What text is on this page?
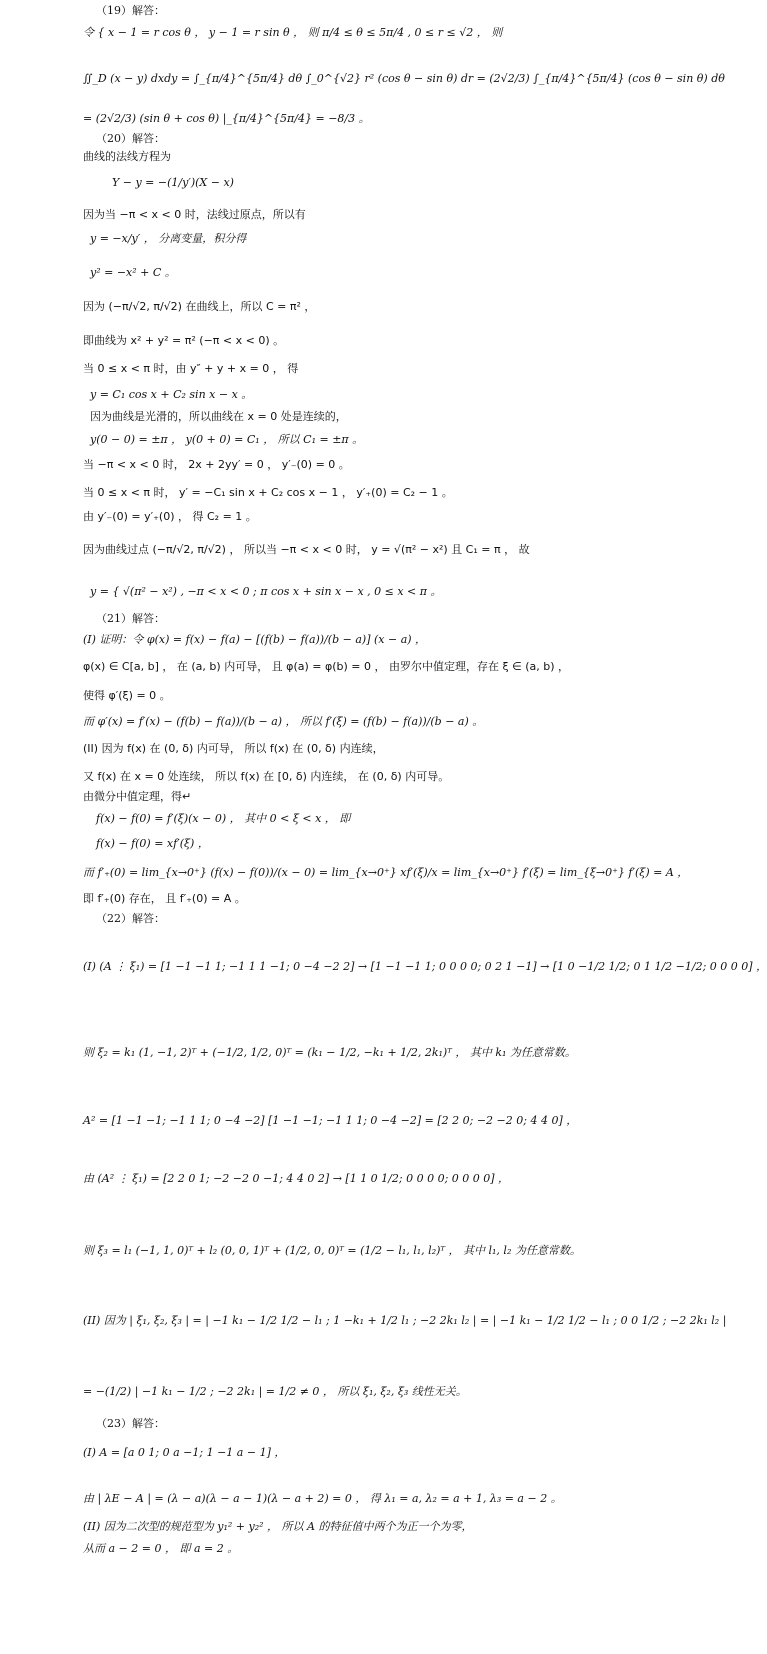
（19）解答：
令 { x − 1 = r cos θ ， y − 1 = r sin θ ， 则 π/4 ≤ θ ≤ 5π/4 , 0 ≤ r ≤ √2 ， 则
∬_D (x − y) dxdy = ∫_{π/4}^{5π/4} dθ ∫_0^{√2} r² (cos θ − sin θ) dr = (2√2/3) ∫_{π/4}^{5π/4} (cos θ − sin θ) dθ
= (2√2/3) (sin θ + cos θ) |_{π/4}^{5π/4} = −8/3 。
（20）解答：
曲线的法线方程为
Y − y = −(1/y′)(X − x)
因为当 −π < x < 0 时，法线过原点，所以有
y = −x/y′ ， 分离变量，积分得
y² = −x² + C 。
因为 (−π/√2, π/√2) 在曲线上，所以 C = π² ，
即曲线为 x² + y² = π² (−π < x < 0) 。
当 0 ≤ x < π 时，由 y″ + y + x = 0 ， 得
y = C₁ cos x + C₂ sin x − x 。
因为曲线是光滑的，所以曲线在 x = 0 处是连续的，
y(0 − 0) = ±π ， y(0 + 0) = C₁ ， 所以 C₁ = ±π 。
当 −π < x < 0 时， 2x + 2yy′ = 0 ， y′₋(0) = 0 。
当 0 ≤ x < π 时， y′ = −C₁ sin x + C₂ cos x − 1 ， y′₊(0) = C₂ − 1 。
由 y′₋(0) = y′₊(0) ， 得 C₂ = 1 。
因为曲线过点 (−π/√2, π/√2) ， 所以当 −π < x < 0 时， y = √(π² − x²) 且 C₁ = π ， 故
y = { √(π² − x²) , −π < x < 0 ; π cos x + sin x − x , 0 ≤ x < π 。
（21）解答：
(I) 证明：令 φ(x) = f(x) − f(a) − [(f(b) − f(a))/(b − a)] (x − a) ，
φ(x) ∈ C[a, b] ， 在 (a, b) 内可导， 且 φ(a) = φ(b) = 0 ， 由罗尔中值定理，存在 ξ ∈ (a, b) ，
使得 φ′(ξ) = 0 。
而 φ′(x) = f′(x) − (f(b) − f(a))/(b − a) ， 所以 f′(ξ) = (f(b) − f(a))/(b − a) 。
(II) 因为 f(x) 在 (0, δ) 内可导， 所以 f(x) 在 (0, δ) 内连续，
又 f(x) 在 x = 0 处连续， 所以 f(x) 在 [0, δ) 内连续， 在 (0, δ) 内可导。
由微分中值定理，得↵
f(x) − f(0) = f′(ξ)(x − 0) ， 其中 0 < ξ < x ， 即
f(x) − f(0) = xf′(ξ) ，
而 f′₊(0) = lim_{x→0⁺} (f(x) − f(0))/(x − 0) = lim_{x→0⁺} xf′(ξ)/x = lim_{x→0⁺} f′(ξ) = lim_{ξ→0⁺} f′(ξ) = A ，
即 f′₊(0) 存在， 且 f′₊(0) = A 。
（22）解答：
(I) (A ⋮ ξ₁) = [1 −1 −1 1; −1 1 1 −1; 0 −4 −2 2] → [1 −1 −1 1; 0 0 0 0; 0 2 1 −1] → [1 0 −1/2 1/2; 0 1 1/2 −1/2; 0 0 0 0] ，
则 ξ₂ = k₁ (1, −1, 2)ᵀ + (−1/2, 1/2, 0)ᵀ = (k₁ − 1/2, −k₁ + 1/2, 2k₁)ᵀ ， 其中 k₁ 为任意常数。
A² = [1 −1 −1; −1 1 1; 0 −4 −2] [1 −1 −1; −1 1 1; 0 −4 −2] = [2 2 0; −2 −2 0; 4 4 0] ，
由 (A² ⋮ ξ₁) = [2 2 0 1; −2 −2 0 −1; 4 4 0 2] → [1 1 0 1/2; 0 0 0 0; 0 0 0 0] ，
则 ξ₃ = l₁ (−1, 1, 0)ᵀ + l₂ (0, 0, 1)ᵀ + (1/2, 0, 0)ᵀ = (1/2 − l₁, l₁, l₂)ᵀ ， 其中 l₁, l₂ 为任意常数。
(II) 因为 | ξ₁, ξ₂, ξ₃ | = | −1 k₁ − 1/2 1/2 − l₁ ; 1 −k₁ + 1/2 l₁ ; −2 2k₁ l₂ | = | −1 k₁ − 1/2 1/2 − l₁ ; 0 0 1/2 ; −2 2k₁ l₂ |
= −(1/2) | −1 k₁ − 1/2 ; −2 2k₁ | = 1/2 ≠ 0 ， 所以 ξ₁, ξ₂, ξ₃ 线性无关。
（23）解答：
(I) A = [a 0 1; 0 a −1; 1 −1 a − 1] ，
由 | λE − A | = (λ − a)(λ − a − 1)(λ − a + 2) = 0 ， 得 λ₁ = a, λ₂ = a + 1, λ₃ = a − 2 。
(II) 因为二次型的规范型为 y₁² + y₂² ， 所以 A 的特征值中两个为正一个为零，
从而 a − 2 = 0 ， 即 a = 2 。
